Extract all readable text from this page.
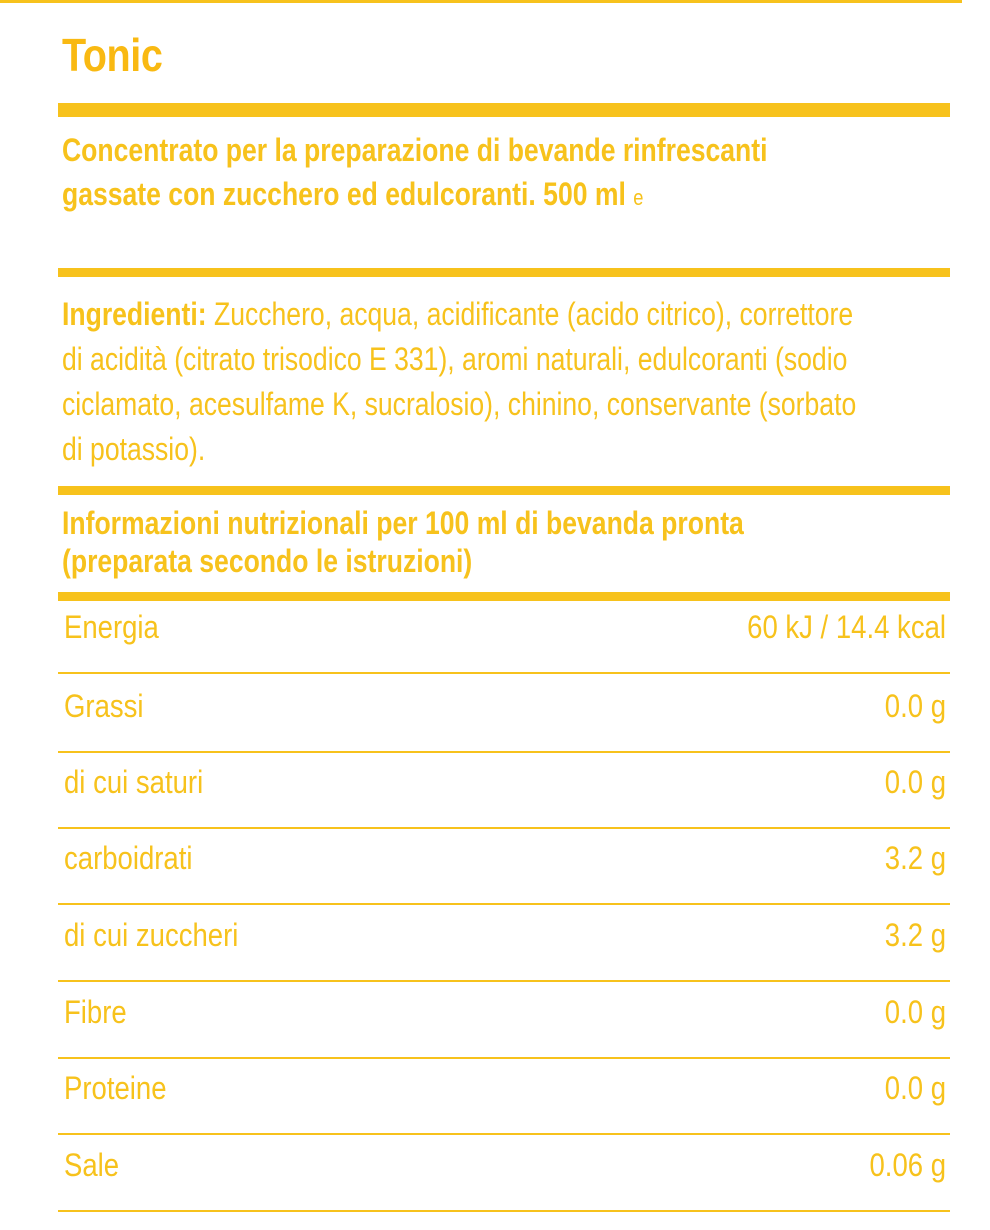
Tonic
Concentrato per la preparazione di bevande rinfrescanti
gassate con zucchero ed edulcoranti. 500 ml e
Ingredienti: Zucchero, acqua, acidificante (acido citrico), correttore
di acidità (citrato trisodico E 331), aromi naturali, edulcoranti (sodio
ciclamato, acesulfame K, sucralosio), chinino, conservante (sorbato
di potassio).
Informazioni nutrizionali per 100 ml di bevanda pronta
(preparata secondo le istruzioni)
Energia	60 kJ / 14.4 kcal
Grassi	0.0 g
di cui saturi	0.0 g
carboidrati	3.2 g
di cui zuccheri	3.2 g
Fibre	0.0 g
Proteine	0.0 g
Sale	0.06 g
